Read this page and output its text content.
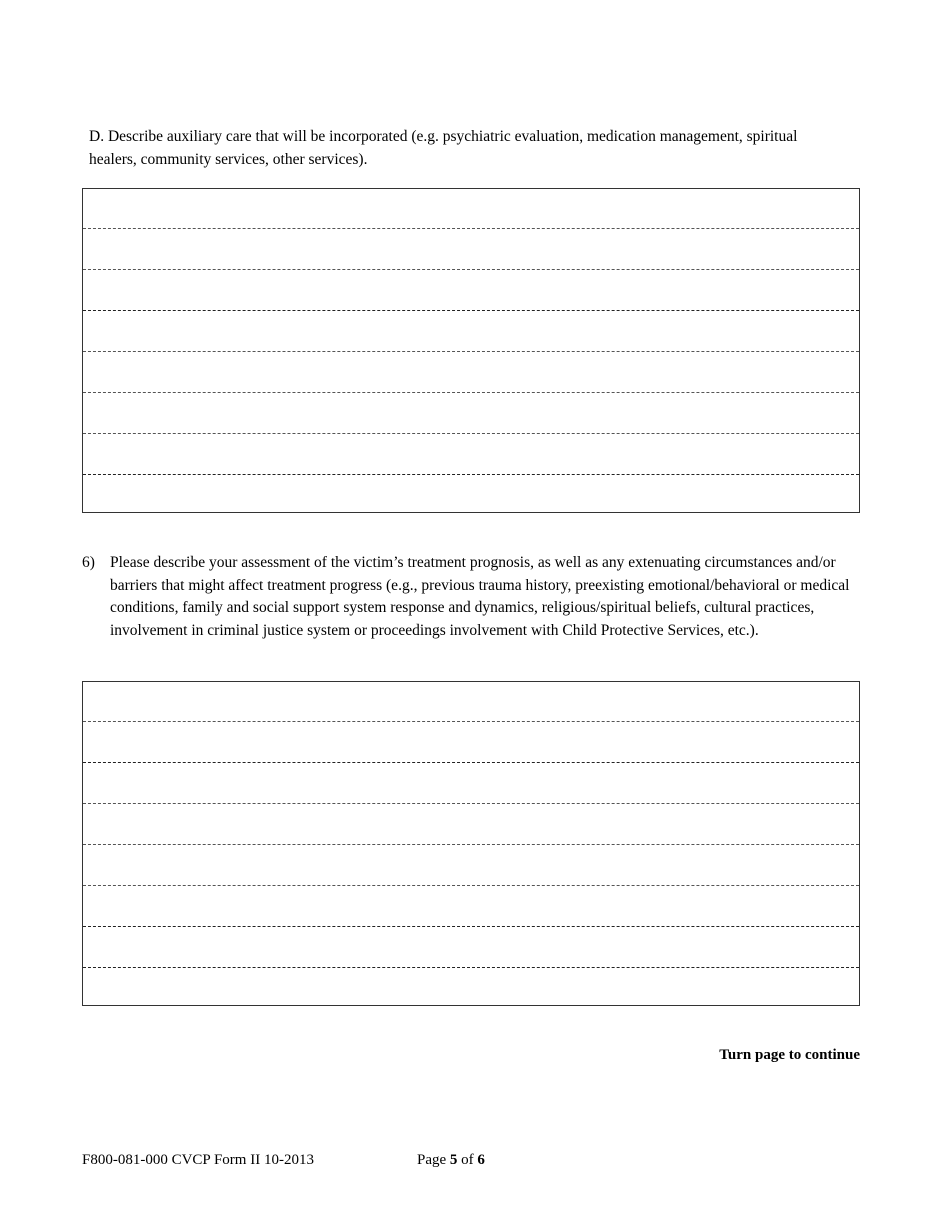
D. Describe auxiliary care that will be incorporated (e.g. psychiatric evaluation, medication management, spiritual healers, community services, other services).
6) Please describe your assessment of the victim’s treatment prognosis, as well as any extenuating circumstances and/or barriers that might affect treatment progress (e.g., previous trauma history, preexisting emotional/behavioral or medical conditions, family and social support system response and dynamics, religious/spiritual beliefs, cultural practices, involvement in criminal justice system or proceedings involvement with Child Protective Services, etc.).
Turn page to continue
F800-081-000 CVCP Form II 10-2013	Page 5 of 6
